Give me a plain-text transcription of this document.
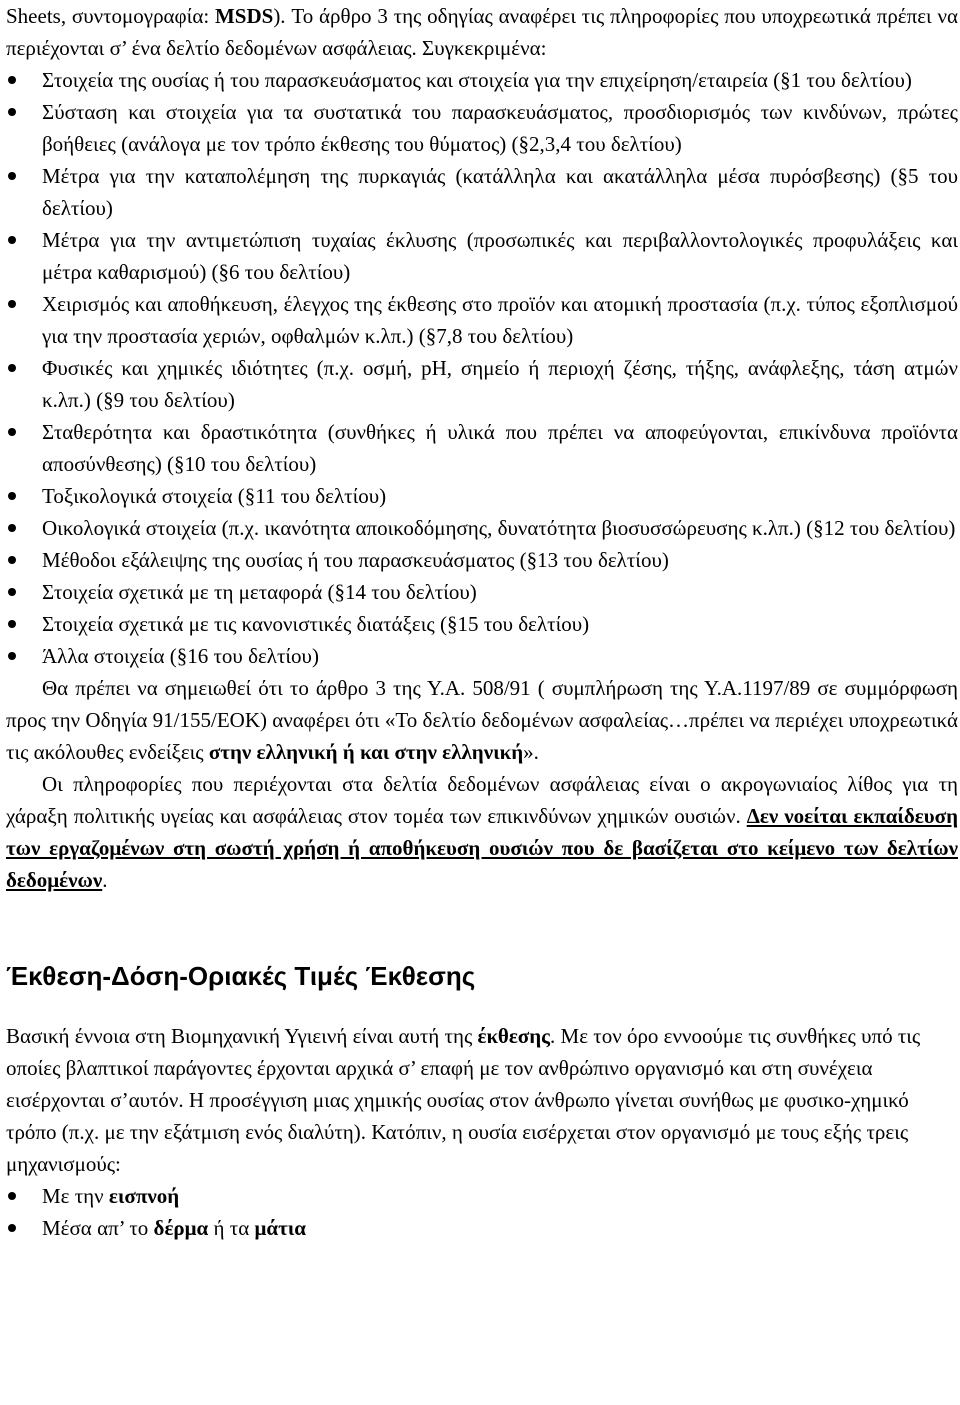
Sheets, συντομογραφία: MSDS). Το άρθρο 3 της οδηγίας αναφέρει τις πληροφορίες που υποχρεωτικά πρέπει να περιέχονται σ’ ένα δελτίο δεδομένων ασφάλειας. Συγκεκριμένα:

Στοιχεία της ουσίας ή του παρασκευάσματος και στοιχεία για την επιχείρηση/εταιρεία (§1 του δελτίου)
Σύσταση και στοιχεία για τα συστατικά του παρασκευάσματος, προσδιορισμός των κινδύνων, πρώτες βοήθειες (ανάλογα με τον τρόπο έκθεσης του θύματος) (§2,3,4 του δελτίου)
Μέτρα για την καταπολέμηση της πυρκαγιάς (κατάλληλα και ακατάλληλα μέσα πυρόσβεσης) (§5 του δελτίου)
Μέτρα για την αντιμετώπιση τυχαίας έκλυσης (προσωπικές και περιβαλλοντολογικές προφυλάξεις και μέτρα καθαρισμού) (§6 του δελτίου)
Χειρισμός και αποθήκευση, έλεγχος της έκθεσης στο προϊόν και ατομική προστασία (π.χ. τύπος εξοπλισμού για την προστασία χεριών, οφθαλμών κ.λπ.) (§7,8 του δελτίου)
Φυσικές και χημικές ιδιότητες (π.χ. οσμή, pH, σημείο ή περιοχή ζέσης, τήξης, ανάφλεξης, τάση ατμών κ.λπ.) (§9 του δελτίου)
Σταθερότητα και δραστικότητα (συνθήκες ή υλικά που πρέπει να αποφεύγονται, επικίνδυνα προϊόντα αποσύνθεσης) (§10 του δελτίου)
Τοξικολογικά στοιχεία (§11 του δελτίου)
Οικολογικά στοιχεία (π.χ. ικανότητα αποικοδόμησης, δυνατότητα βιοσυσσώρευσης κ.λπ.) (§12 του δελτίου)
Μέθοδοι εξάλειψης της ουσίας ή του παρασκευάσματος (§13 του δελτίου)
Στοιχεία σχετικά με τη μεταφορά (§14 του δελτίου)
Στοιχεία σχετικά με τις κανονιστικές διατάξεις (§15 του δελτίου)
Άλλα στοιχεία (§16 του δελτίου)

Θα πρέπει να σημειωθεί ότι το άρθρο 3 της Υ.Α. 508/91 ( συμπλήρωση της Υ.Α.1197/89 σε συμμόρφωση προς την Οδηγία 91/155/ΕΟΚ) αναφέρει ότι «Το δελτίο δεδομένων ασφαλείας…πρέπει να περιέχει υποχρεωτικά τις ακόλουθες ενδείξεις στην ελληνική ή και στην ελληνική».

Οι πληροφορίες που περιέχονται στα δελτία δεδομένων ασφάλειας είναι ο ακρογωνιαίος λίθος για τη χάραξη πολιτικής υγείας και ασφάλειας στον τομέα των επικινδύνων χημικών ουσιών. Δεν νοείται εκπαίδευση των εργαζομένων στη σωστή χρήση ή αποθήκευση ουσιών που δε βασίζεται στο κείμενο των δελτίων δεδομένων.

Έκθεση-Δόση-Οριακές Τιμές Έκθεσης

Βασική έννοια στη Βιομηχανική Υγιεινή είναι αυτή της έκθεσης. Με τον όρο εννοούμε τις συνθήκες υπό τις οποίες βλαπτικοί παράγοντες έρχονται αρχικά σ’ επαφή με τον ανθρώπινο οργανισμό και στη συνέχεια εισέρχονται σ’αυτόν. Η προσέγγιση μιας χημικής ουσίας στον άνθρωπο γίνεται συνήθως με φυσικο-χημικό τρόπο (π.χ. με την εξάτμιση ενός διαλύτη). Κατόπιν, η ουσία εισέρχεται στον οργανισμό με τους εξής τρεις μηχανισμούς:

Με την εισπνοή
Μέσα απ’ το δέρμα ή τα μάτια
